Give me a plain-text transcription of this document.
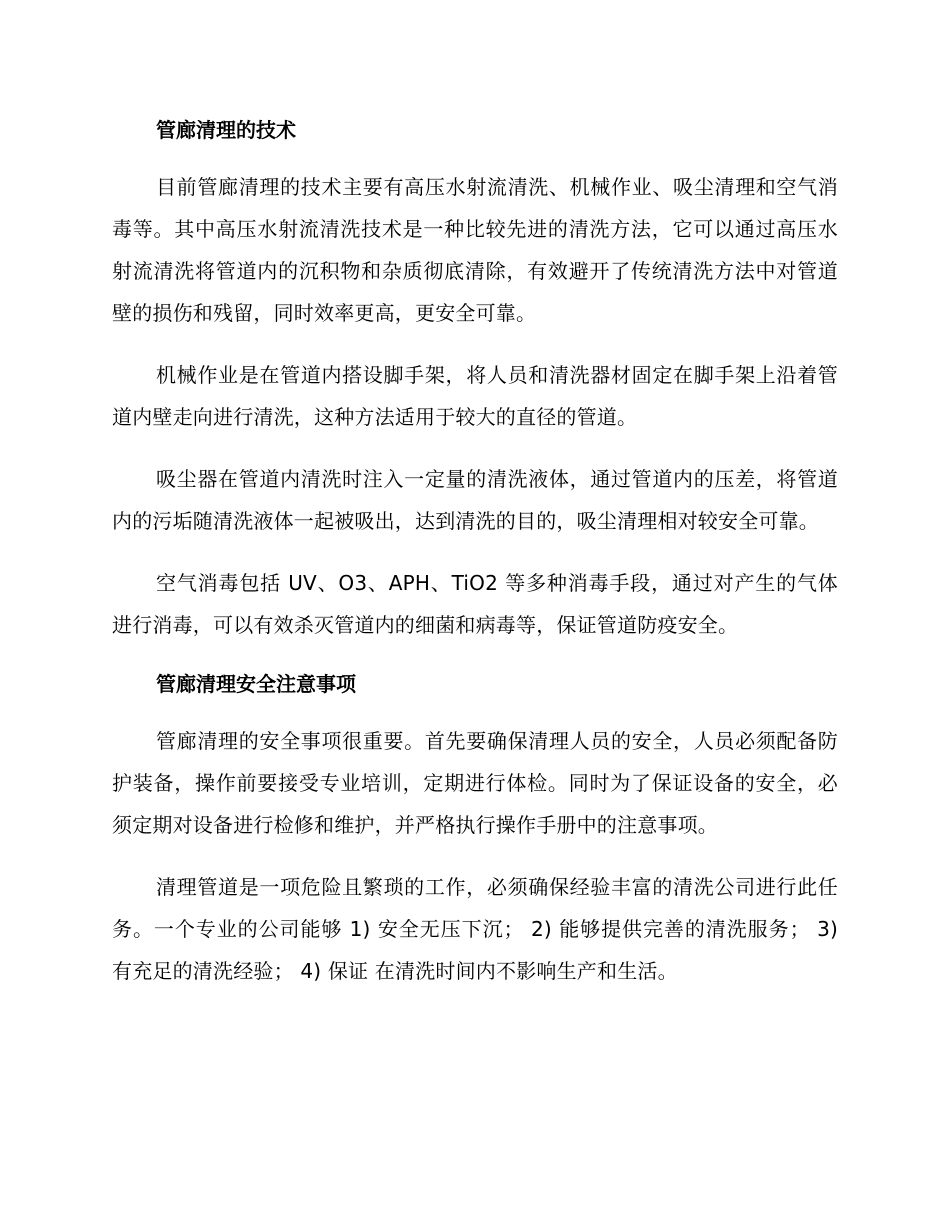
管廊清理的技术

目前管廊清理的技术主要有高压水射流清洗、机械作业、吸尘清理和空气消毒等。其中高压水射流清洗技术是一种比较先进的清洗方法，它可以通过高压水射流清洗将管道内的沉积物和杂质彻底清除，有效避开了传统清洗方法中对管道壁的损伤和残留，同时效率更高，更安全可靠。

机械作业是在管道内搭设脚手架，将人员和清洗器材固定在脚手架上沿着管道内壁走向进行清洗，这种方法适用于较大的直径的管道。

吸尘器在管道内清洗时注入一定量的清洗液体，通过管道内的压差，将管道内的污垢随清洗液体一起被吸出，达到清洗的目的，吸尘清理相对较安全可靠。

空气消毒包括 UV、O3、APH、TiO2 等多种消毒手段，通过对产生的气体进行消毒，可以有效杀灭管道内的细菌和病毒等，保证管道防疫安全。

管廊清理安全注意事项

管廊清理的安全事项很重要。首先要确保清理人员的安全，人员必须配备防护装备，操作前要接受专业培训，定期进行体检。同时为了保证设备的安全，必须定期对设备进行检修和维护，并严格执行操作手册中的注意事项。

清理管道是一项危险且繁琐的工作，必须确保经验丰富的清洗公司进行此任务。一个专业的公司能够 1) 安全无压下沉； 2) 能够提供完善的清洗服务； 3) 有充足的清洗经验； 4) 保证 在清洗时间内不影响生产和生活。
